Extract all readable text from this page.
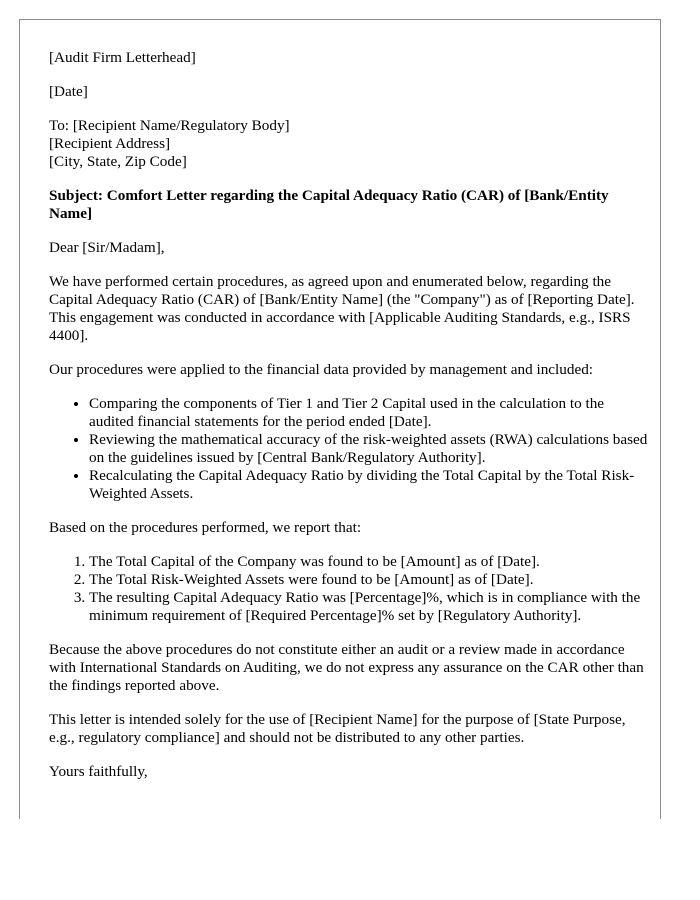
[Audit Firm Letterhead]

[Date]

To: [Recipient Name/Regulatory Body]

[Recipient Address]

[City, State, Zip Code]

Subject: Comfort Letter regarding the Capital Adequacy Ratio (CAR) of [Bank/Entity Name]

Dear [Sir/Madam],

We have performed certain procedures, as agreed upon and enumerated below, regarding the Capital Adequacy Ratio (CAR) of [Bank/Entity Name] (the "Company") as of [Reporting Date]. This engagement was conducted in accordance with [Applicable Auditing Standards, e.g., ISRS 4400].

Our procedures were applied to the financial data provided by management and included:

• Comparing the components of Tier 1 and Tier 2 Capital used in the calculation to the audited financial statements for the period ended [Date].
• Reviewing the mathematical accuracy of the risk-weighted assets (RWA) calculations based on the guidelines issued by [Central Bank/Regulatory Authority].
• Recalculating the Capital Adequacy Ratio by dividing the Total Capital by the Total Risk-Weighted Assets.

Based on the procedures performed, we report that:

1. The Total Capital of the Company was found to be [Amount] as of [Date].
2. The Total Risk-Weighted Assets were found to be [Amount] as of [Date].
3. The resulting Capital Adequacy Ratio was [Percentage]%, which is in compliance with the minimum requirement of [Required Percentage]% set by [Regulatory Authority].

Because the above procedures do not constitute either an audit or a review made in accordance with International Standards on Auditing, we do not express any assurance on the CAR other than the findings reported above.

This letter is intended solely for the use of [Recipient Name] for the purpose of [State Purpose, e.g., regulatory compliance] and should not be distributed to any other parties.

Yours faithfully,
